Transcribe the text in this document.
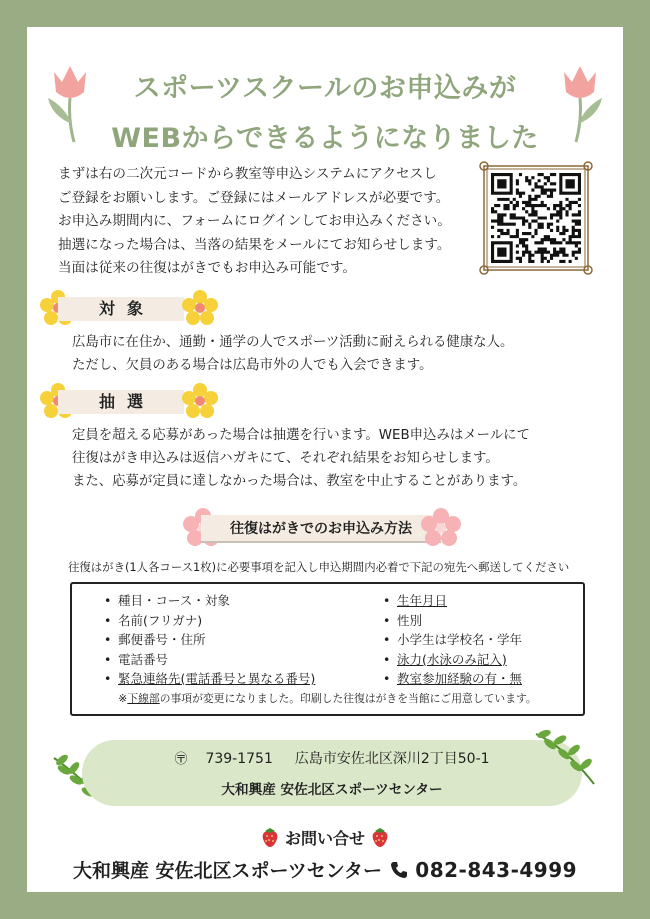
スポーツスクールのお申込みが
WEBからできるようになりました
まずは右の二次元コードから教室等申込システムにアクセスし
ご登録をお願いします。ご登録にはメールアドレスが必要です。
お申込み期間内に、フォームにログインしてお申込みください。
抽選になった場合は、当落の結果をメールにてお知らせします。
当面は従来の往復はがきでもお申込み可能です。
対象
広島市に在住か、通勤・通学の人でスポーツ活動に耐えられる健康な人。
ただし、欠員のある場合は広島市外の人でも入会できます。
抽選
定員を超える応募があった場合は抽選を行います。WEB申込みはメールにて
往復はがき申込みは返信ハガキにて、それぞれ結果をお知らせします。
また、応募が定員に達しなかった場合は、教室を中止することがあります。
往復はがきでのお申込み方法
往復はがき(1人各コース1枚)に必要事項を記入し申込期間内必着で下記の宛先へ郵送してください
• 種目・コース・対象
• 名前(フリガナ)
• 郵便番号・住所
• 電話番号
• 緊急連絡先(電話番号と異なる番号)
• 生年月日
• 性別
• 小学生は学校名・学年
• 泳力(水泳のみ記入)
• 教室参加経験の有・無
※下線部の事項が変更になりました。印刷した往復はがきを当館にご用意しています。
〶 739-1751 広島市安佐北区深川2丁目50-1
大和興産 安佐北区スポーツセンター
お問い合せ
大和興産 安佐北区スポーツセンター 082-843-4999
